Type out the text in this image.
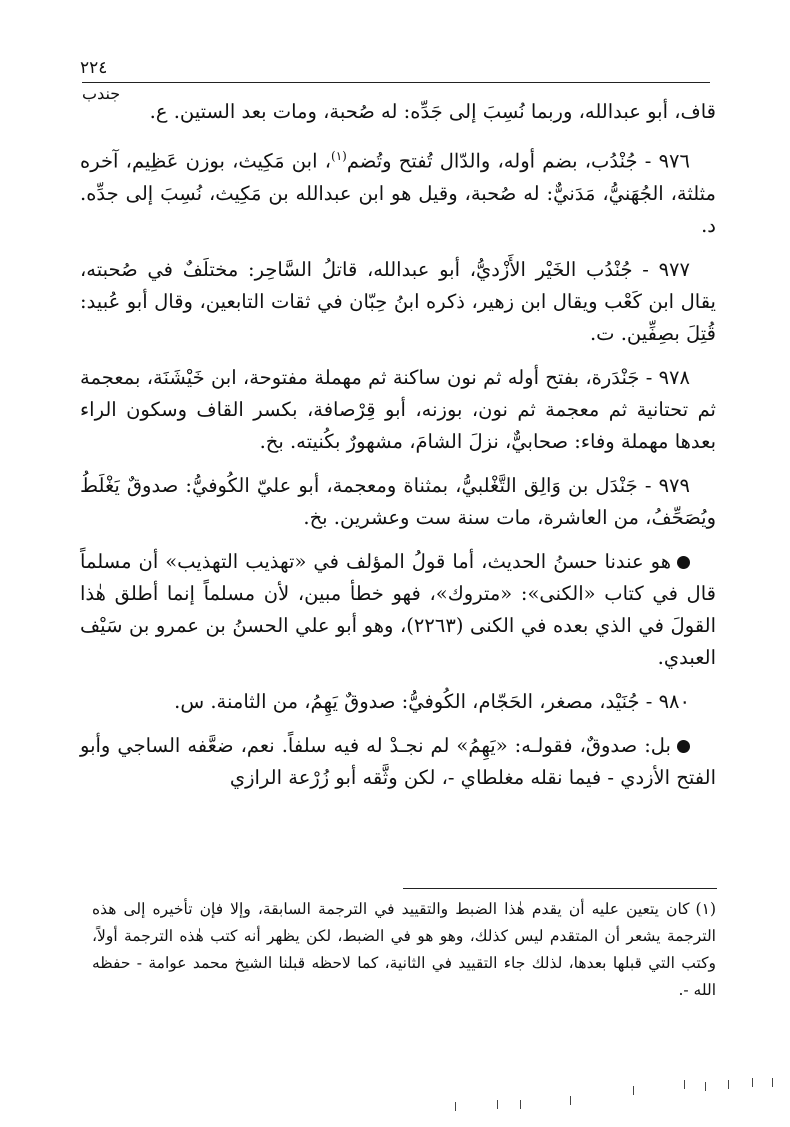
٢٢٤
جندب

قاف، أبو عبدالله، وربما نُسِبَ إلى جَدِّه: له صُحبة، ومات بعد الستين. ع.

٩٧٦ - جُنْدُب، بضم أوله، والدّال تُفتح وتُضم$^{(١)}$، ابن مَكِيث، بوزن عَظِيم، آخره مثلثة، الجُهَنيُّ، مَدَنيٌّ: له صُحبة، وقيل هو ابن عبدالله بن مَكِيث، نُسِبَ إلى جدِّه. د.

٩٧٧ - جُنْدُب الخَيْر الأَزْديُّ، أبو عبدالله، قاتلُ السَّاحِر: مختلَفٌ في صُحبته، يقال ابن كَعْب ويقال ابن زهير، ذكره ابنُ حِبّان في ثقات التابعين، وقال أبو عُبيد: قُتِلَ بصِفِّين. ت.

٩٧٨ - جَنْدَرة، بفتح أوله ثم نون ساكنة ثم مهملة مفتوحة، ابن خَيْشَنَة، بمعجمة ثم تحتانية ثم معجمة ثم نون، بوزنه، أبو قِرْصافة، بكسر القاف وسكون الراء بعدها مهملة وفاء: صحابيٌّ، نزلَ الشامَ، مشهورٌ بكُنيته. بخ.

٩٧٩ - جَنْدَل بن وَالِق التَّغْلبيُّ، بمثناة ومعجمة، أبو عليّ الكُوفيُّ: صدوقٌ يَغْلَطُ ويُصَحِّفُ، من العاشرة، مات سنة ست وعشرين. بخ.

هو عندنا حسنُ الحديث، أما قولُ المؤلف في «تهذيب التهذيب» أن مسلماً قال في كتاب «الكنى»: «متروك»، فهو خطأ مبين، لأن مسلماً إنما أطلق هٰذا القولَ في الذي بعده في الكنى (٢٢٦٣)، وهو أبو علي الحسنُ بن عمرو بن سَيْف العبدي.

٩٨٠ - جُنَيْد، مصغر، الحَجّام، الكُوفيُّ: صدوقٌ يَهِمُ، من الثامنة. س.

بل: صدوقٌ، فقولـه: «يَهِمُ» لم نجـدْ له فيه سلفاً. نعم، ضعَّفه الساجي وأبو الفتح الأزدي - فيما نقله مغلطاي -، لكن وثَّقه أبو زُرْعة الرازي

(١)كان يتعين عليه أن يقدم هٰذا الضبط والتقييد في الترجمة السابقة، وإلا فإن تأخيره إلى هذه الترجمة يشعر أن المتقدم ليس كذلك، وهو هو في الضبط، لكن يظهر أنه كتب هٰذه الترجمة أولاً، وكتب التي قبلها بعدها، لذلك جاء التقييد في الثانية، كما لاحظه قبلنا الشيخ محمد عوامة - حفظه الله -.
